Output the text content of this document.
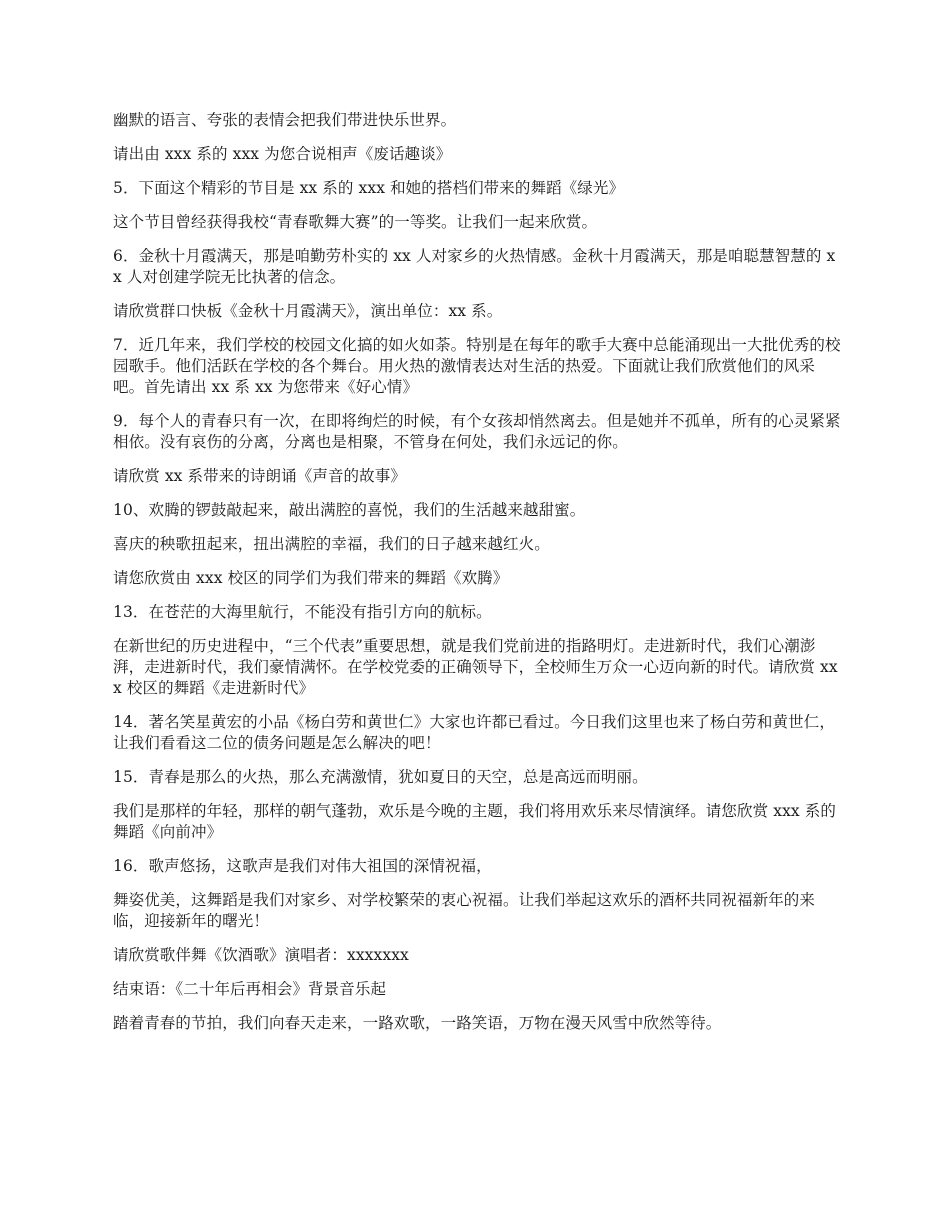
幽默的语言、夸张的表情会把我们带进快乐世界。

请出由 xxx 系的 xxx 为您合说相声《废话趣谈》

5．下面这个精彩的节目是 xx 系的 xxx 和她的搭档们带来的舞蹈《绿光》

这个节目曾经获得我校“青春歌舞大赛”的一等奖。让我们一起来欣赏。

6．金秋十月霞满天，那是咱勤劳朴实的 xx 人对家乡的火热情感。金秋十月霞满天，那是咱聪慧智慧的 xx 人对创建学院无比执著的信念。

请欣赏群口快板《金秋十月霞满天》，演出单位：xx 系。

7．近几年来，我们学校的校园文化搞的如火如荼。特别是在每年的歌手大赛中总能涌现出一大批优秀的校园歌手。他们活跃在学校的各个舞台。用火热的激情表达对生活的热爱。下面就让我们欣赏他们的风采吧。首先请出 xx 系 xx 为您带来《好心情》

9．每个人的青春只有一次，在即将绚烂的时候，有个女孩却悄然离去。但是她并不孤单，所有的心灵紧紧相依。没有哀伤的分离，分离也是相聚，不管身在何处，我们永远记的你。

请欣赏 xx 系带来的诗朗诵《声音的故事》

10、欢腾的锣鼓敲起来，敲出满腔的喜悦，我们的生活越来越甜蜜。

喜庆的秧歌扭起来，扭出满腔的幸福，我们的日子越来越红火。

请您欣赏由 xxx 校区的同学们为我们带来的舞蹈《欢腾》

13．在苍茫的大海里航行，不能没有指引方向的航标。

在新世纪的历史进程中，“三个代表”重要思想，就是我们党前进的指路明灯。走进新时代，我们心潮澎湃，走进新时代，我们豪情满怀。在学校党委的正确领导下，全校师生万众一心迈向新的时代。请欣赏 xxx 校区的舞蹈《走进新时代》

14．著名笑星黄宏的小品《杨白劳和黄世仁》大家也许都已看过。今日我们这里也来了杨白劳和黄世仁，让我们看看这二位的债务问题是怎么解决的吧！

15．青春是那么的火热，那么充满激情，犹如夏日的天空，总是高远而明丽。

我们是那样的年轻，那样的朝气蓬勃，欢乐是今晚的主题，我们将用欢乐来尽情演绎。请您欣赏 xxx 系的舞蹈《向前冲》

16．歌声悠扬，这歌声是我们对伟大祖国的深情祝福，

舞姿优美，这舞蹈是我们对家乡、对学校繁荣的衷心祝福。让我们举起这欢乐的酒杯共同祝福新年的来临，迎接新年的曙光！

请欣赏歌伴舞《饮酒歌》演唱者：xxxxxxx

结束语：《二十年后再相会》背景音乐起

踏着青春的节拍，我们向春天走来，一路欢歌，一路笑语，万物在漫天风雪中欣然等待。
